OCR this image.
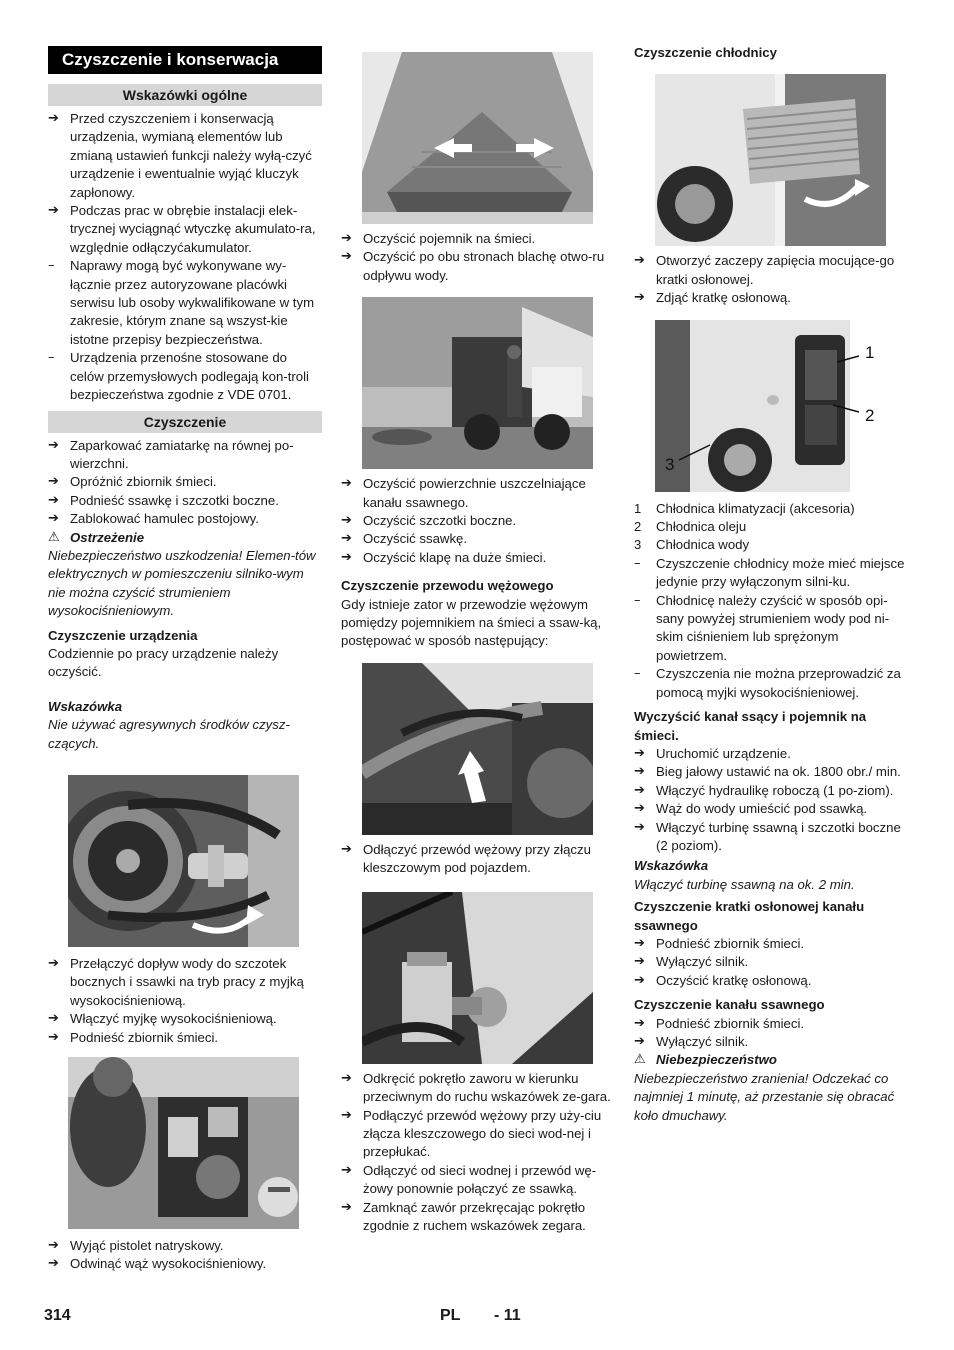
Czyszczenie i konserwacja
Wskazówki ogólne
➔ Przed czyszczeniem i konserwacją urządzenia, wymianą elementów lub zmianą ustawień funkcji należy wyłą-czyć urządzenie i ewentualnie wyjąć kluczyk zapłonowy.
➔ Podczas prac w obrębie instalacji elek-trycznej wyciągnąć wtyczkę akumulato-ra, względnie odłączyćakumulator.
–	Naprawy mogą być wykonywane wy-łącznie przez autoryzowane placówki serwisu lub osoby wykwalifikowane w tym zakresie, którym znane są wszyst-kie istotne przepisy bezpieczeństwa.
–	Urządzenia przenośne stosowane do celów przemysłowych podlegają kon-troli bezpieczeństwa zgodnie z VDE 0701.
Czyszczenie
➔ Zaparkować zamiatarkę na równej po-wierzchni.
➔ Opróżnić zbiornik śmieci.
➔ Podnieść ssawkę i szczotki boczne.
➔ Zablokować hamulec postojowy.
⚠ Ostrzeżenie
Niebezpieczeństwo uszkodzenia! Elemen-tów elektrycznych w pomieszczeniu silniko-wym nie można czyścić strumieniem wysokociśnieniowym.
Czyszczenie urządzenia
Codziennie po pracy urządzenie należy oczyścić.
Wskazówka
Nie używać agresywnych środków czysz-czących.
➔ Przełączyć dopływ wody do szczotek bocznych i ssawki na tryb pracy z myjką wysokociśnieniową.
➔ Włączyć myjkę wysokociśnieniową.
➔ Podnieść zbiornik śmieci.
➔ Wyjąć pistolet natryskowy.
➔ Odwinąć wąż wysokociśnieniowy.
➔ Oczyścić pojemnik na śmieci.
➔ Oczyścić po obu stronach blachę otwo-ru odpływu wody.
➔ Oczyścić powierzchnie uszczelniające kanału ssawnego.
➔ Oczyścić szczotki boczne.
➔ Oczyścić ssawkę.
➔ Oczyścić klapę na duże śmieci.
Czyszczenie przewodu wężowego
Gdy istnieje zator w przewodzie wężowym pomiędzy pojemnikiem na śmieci a ssaw-ką, postępować w sposób następujący:
➔ Odłączyć przewód wężowy przy złączu kleszczowym pod pojazdem.
➔ Odkręcić pokrętło zaworu w kierunku przeciwnym do ruchu wskazówek ze-gara.
➔ Podłączyć przewód wężowy przy uży-ciu złącza kleszczowego do sieci wod-nej i przepłukać.
➔ Odłączyć od sieci wodnej i przewód wę-żowy ponownie połączyć ze ssawką.
➔ Zamknąć zawór przekręcając pokrętło zgodnie z ruchem wskazówek zegara.
Czyszczenie chłodnicy
➔ Otworzyć zaczepy zapięcia mocujące-go kratki osłonowej.
➔ Zdjąć kratkę osłonową.
1
2
3
1	Chłodnica klimatyzacji (akcesoria)
2	Chłodnica oleju
3	Chłodnica wody
–	Czyszczenie chłodnicy może mieć miejsce jedynie przy wyłączonym silni-ku.
–	Chłodnicę należy czyścić w sposób opi-sany powyżej strumieniem wody pod ni-skim ciśnieniem lub sprężonym powietrzem.
–	Czyszczenia nie można przeprowadzić za pomocą myjki wysokociśnieniowej.
Wyczyścić kanał ssący i pojemnik na śmieci.
➔ Uruchomić urządzenie.
➔ Bieg jałowy ustawić na ok. 1800 obr./ min.
➔ Włączyć hydraulikę roboczą (1 po-ziom).
➔ Wąż do wody umieścić pod ssawką.
➔ Włączyć turbinę ssawną i szczotki boczne (2 poziom).
Wskazówka
Włączyć turbinę ssawną na ok. 2 min.
Czyszczenie kratki osłonowej kanału ssawnego
➔ Podnieść zbiornik śmieci.
➔ Wyłączyć silnik.
➔ Oczyścić kratkę osłonową.
Czyszczenie kanału ssawnego
➔ Podnieść zbiornik śmieci.
➔ Wyłączyć silnik.
⚠ Niebezpieczeństwo
Niebezpieczeństwo zranienia! Odczekać co najmniej 1 minutę, aż przestanie się obracać koło dmuchawy.
314	PL - 11
